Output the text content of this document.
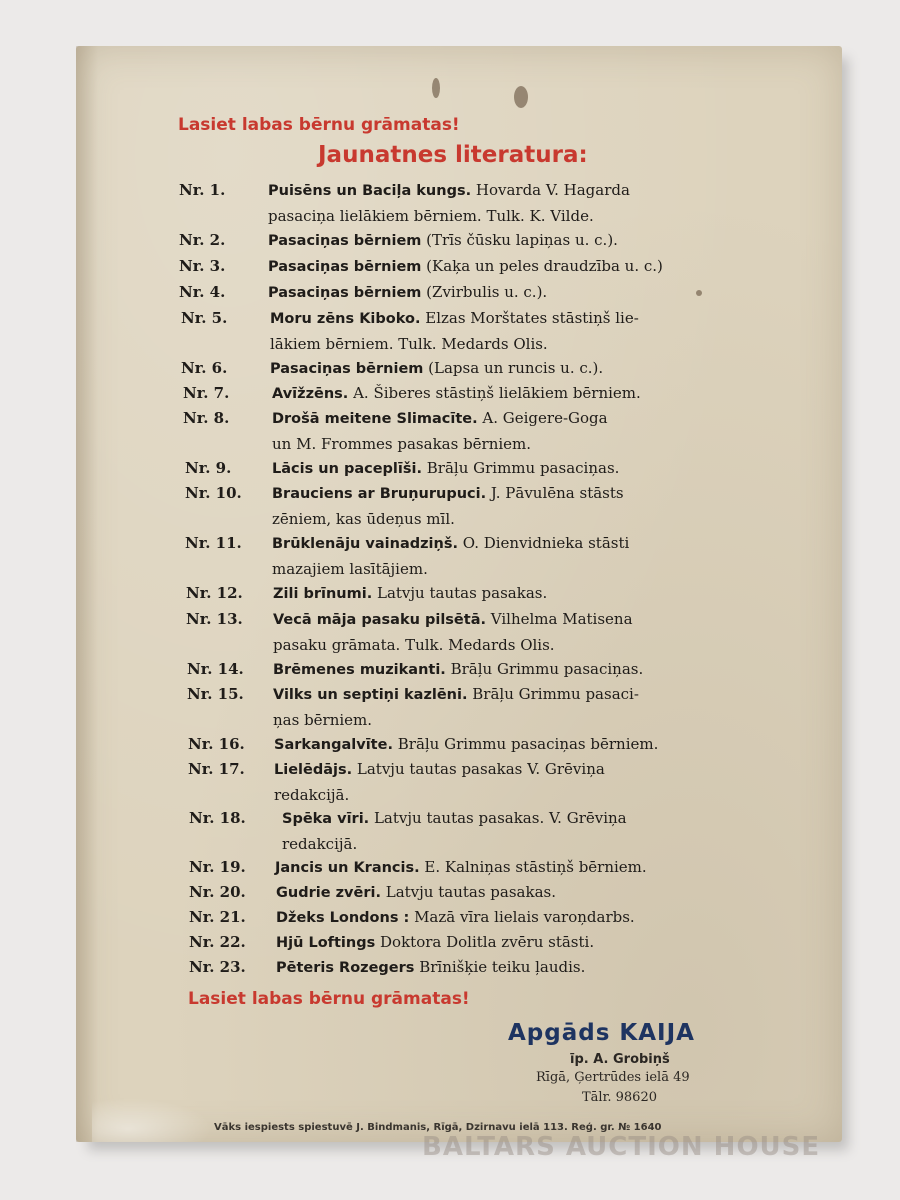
Lasiet labas bērnu grāmatas!

Jaunatnes literatura:

Nr. 1.	Puisēns un Baciļa kungs. Hovarda V. Hagarda
pasaciņa lielākiem bērniem. Tulk. K. Vilde.
Nr. 2.	Pasaciņas bērniem (Trīs čūsku lapiņas u. c.).
Nr. 3.	Pasaciņas bērniem (Kaķa un peles draudzība u. c.)
Nr. 4.	Pasaciņas bērniem (Zvirbulis u. c.).
Nr. 5.	Moru zēns Kiboko. Elzas Morštates stāstiņš lie-
lākiem bērniem. Tulk. Medards Olis.
Nr. 6.	Pasaciņas bērniem (Lapsa un runcis u. c.).
Nr. 7.	Avīžzēns. A. Šiberes stāstiņš lielākiem bērniem.
Nr. 8.	Drošā meitene Slimacīte. A. Geigere-Goga
un M. Frommes pasakas bērniem.
Nr. 9.	Lācis un paceplīši. Brāļu Grimmu pasaciņas.
Nr. 10. Brauciens ar Bruņurupuci. J. Pāvulēna stāsts
zēniem, kas ūdeņus mīl.
Nr. 11. Brūklenāju vainadziņš. O. Dienvidnieka stāsti
mazajiem lasītājiem.
Nr. 12. Zili brīnumi. Latvju tautas pasakas.
Nr. 13. Vecā māja pasaku pilsētā. Vilhelma Matisena
pasaku grāmata. Tulk. Medards Olis.
Nr. 14. Brēmenes muzikanti. Brāļu Grimmu pasaciņas.
Nr. 15. Vilks un septiņi kazlēni. Brāļu Grimmu pasaci-
ņas bērniem.
Nr. 16. Sarkangalvīte. Brāļu Grimmu pasaciņas bērniem.
Nr. 17. Lielēdājs. Latvju tautas pasakas V. Grēviņa
redakcijā.
Nr. 18. Spēka vīri. Latvju tautas pasakas. V. Grēviņa
redakcijā.
Nr. 19. Jancis un Krancis. E. Kalniņas stāstiņš bērniem.
Nr. 20. Gudrie zvēri. Latvju tautas pasakas.
Nr. 21. Džeks Londons : Mazā vīra lielais varoņdarbs.
Nr. 22. Hjū Loftings Doktora Dolitla zvēru stāsti.
Nr. 23. Pēteris Rozegers Brīnišķie teiku ļaudis.

Lasiet labas bērnu grāmatas!

Apgāds KAIJA
īp. A. Grobiņš
Rīgā, Ģertrūdes ielā 49
Tālr. 98620
Vāks iespiests spiestuvē J. Bindmanis, Rīgā, Dzirnavu ielā 113. Reģ. gr. № 1640
BALTARS AUCTION HOUSE
